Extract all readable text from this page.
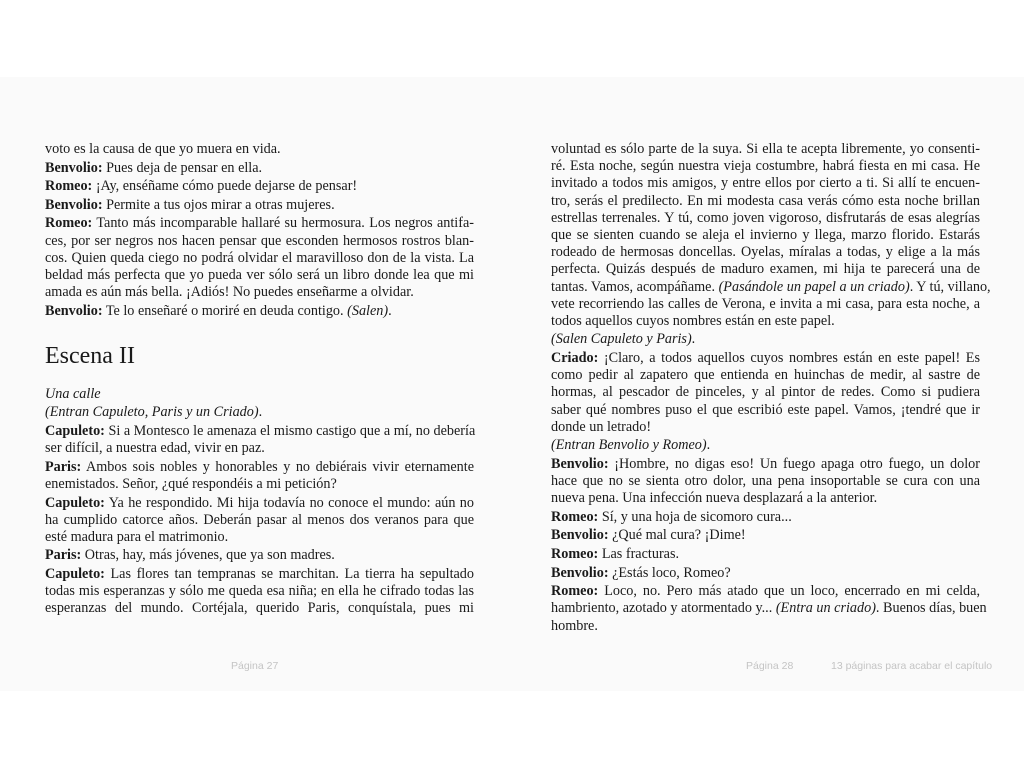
voto es la causa de que yo muera en vida.
Benvolio: Pues deja de pensar en ella.
Romeo: ¡Ay, enséñame cómo puede dejarse de pensar!
Benvolio: Permite a tus ojos mirar a otras mujeres.
Romeo: Tanto más incomparable hallaré su hermosura. Los negros antifa-
ces, por ser negros nos hacen pensar que esconden hermosos rostros blan-
cos. Quien queda ciego no podrá olvidar el maravilloso don de la vista. La
beldad más perfecta que yo pueda ver sólo será un libro donde lea que mi
amada es aún más bella. ¡Adiós! No puedes enseñarme a olvidar.
Benvolio: Te lo enseñaré o moriré en deuda contigo. (Salen).
Escena II
Una calle
(Entran Capuleto, Paris y un Criado).
Capuleto: Si a Montesco le amenaza el mismo castigo que a mí, no debería
ser difícil, a nuestra edad, vivir en paz.
Paris: Ambos sois nobles y honorables y no debiérais vivir eternamente
enemistados. Señor, ¿qué respondéis a mi petición?
Capuleto: Ya he respondido. Mi hija todavía no conoce el mundo: aún no
ha cumplido catorce años. Deberán pasar al menos dos veranos para que
esté madura para el matrimonio.
Paris: Otras, hay, más jóvenes, que ya son madres.
Capuleto: Las flores tan tempranas se marchitan. La tierra ha sepultado
todas mis esperanzas y sólo me queda esa niña; en ella he cifrado todas las
esperanzas del mundo. Cortéjala, querido Paris, conquístala, pues mi
voluntad es sólo parte de la suya. Si ella te acepta libremente, yo consenti-
ré. Esta noche, según nuestra vieja costumbre, habrá fiesta en mi casa. He
invitado a todos mis amigos, y entre ellos por cierto a ti. Si allí te encuen-
tro, serás el predilecto. En mi modesta casa verás cómo esta noche brillan
estrellas terrenales. Y tú, como joven vigoroso, disfrutarás de esas alegrías
que se sienten cuando se aleja el invierno y llega, marzo florido. Estarás
rodeado de hermosas doncellas. Oyelas, míralas a todas, y elige a la más
perfecta. Quizás después de maduro examen, mi hija te parecerá una de
tantas. Vamos, acompáñame. (Pasándole un papel a un criado). Y tú, villano,
vete recorriendo las calles de Verona, e invita a mi casa, para esta noche, a
todos aquellos cuyos nombres están en este papel.
(Salen Capuleto y Paris).
Criado: ¡Claro, a todos aquellos cuyos nombres están en este papel! Es
como pedir al zapatero que entienda en huinchas de medir, al sastre de
hormas, al pescador de pinceles, y al pintor de redes. Como si pudiera
saber qué nombres puso el que escribió este papel. Vamos, ¡tendré que ir
donde un letrado!
(Entran Benvolio y Romeo).
Benvolio: ¡Hombre, no digas eso! Un fuego apaga otro fuego, un dolor
hace que no se sienta otro dolor, una pena insoportable se cura con una
nueva pena. Una infección nueva desplazará a la anterior.
Romeo: Sí, y una hoja de sicomoro cura...
Benvolio: ¿Qué mal cura? ¡Dime!
Romeo: Las fracturas.
Benvolio: ¿Estás loco, Romeo?
Romeo: Loco, no. Pero más atado que un loco, encerrado en mi celda,
hambriento, azotado y atormentado y... (Entra un criado). Buenos días, buen
hombre.
Página 27	Página 28	13 páginas para acabar el capítulo
